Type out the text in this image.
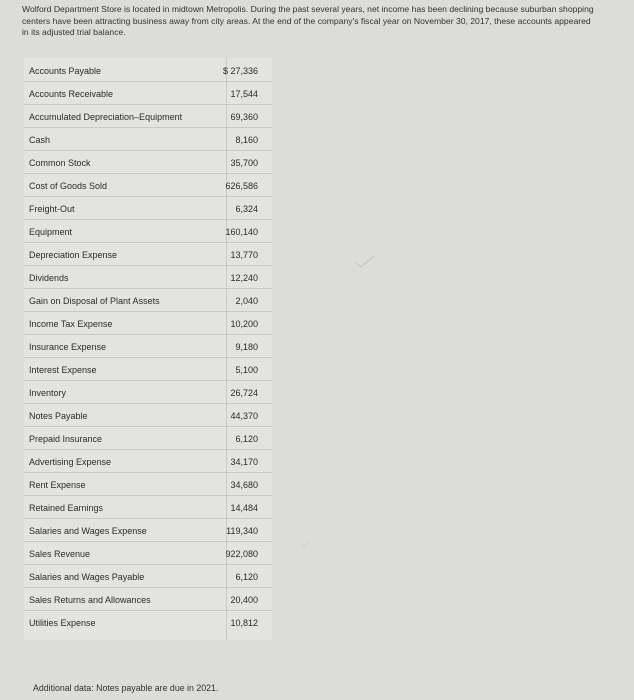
Wolford Department Store is located in midtown Metropolis. During the past several years, net income has been declining because suburban shopping centers have been attracting business away from city areas. At the end of the company's fiscal year on November 30, 2017, these accounts appeared in its adjusted trial balance.
Accounts Payable	$ 27,336
Accounts Receivable	17,544
Accumulated Depreciation–Equipment	69,360
Cash	8,160
Common Stock	35,700
Cost of Goods Sold	626,586
Freight-Out	6,324
Equipment	160,140
Depreciation Expense	13,770
Dividends	12,240
Gain on Disposal of Plant Assets	2,040
Income Tax Expense	10,200
Insurance Expense	9,180
Interest Expense	5,100
Inventory	26,724
Notes Payable	44,370
Prepaid Insurance	6,120
Advertising Expense	34,170
Rent Expense	34,680
Retained Earnings	14,484
Salaries and Wages Expense	119,340
Sales Revenue	922,080
Salaries and Wages Payable	6,120
Sales Returns and Allowances	20,400
Utilities Expense	10,812
Additional data: Notes payable are due in 2021.
